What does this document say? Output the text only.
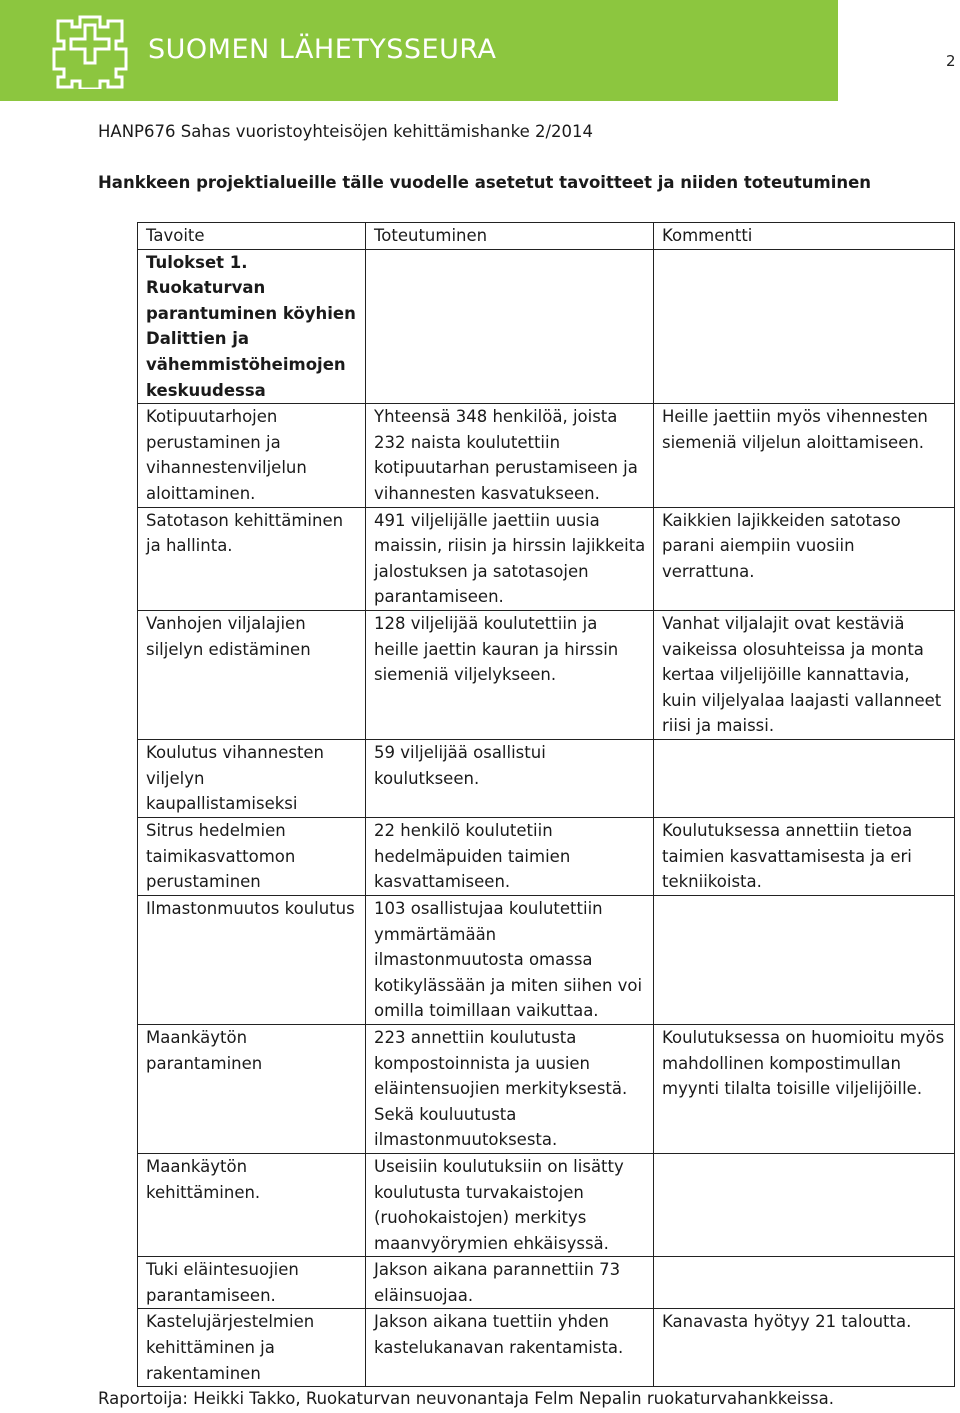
SUOMEN LÄHETYSSEURA	2
HANP676 Sahas vuoristoyhteisöjen kehittämishanke 2/2014
Hankkeen projektialueille tälle vuodelle asetetut tavoitteet ja niiden toteutuminen
Tavoite	Toteutuminen	Kommentti
Tulokset 1. Ruokaturvan parantuminen köyhien Dalittien ja vähemmistöheimojen keskuudessa		
Kotipuutarhojen perustaminen ja vihannestenviljelun aloittaminen.	Yhteensä 348 henkilöä, joista 232 naista koulutettiin kotipuutarhan perustamiseen ja vihannesten kasvatukseen.	Heille jaettiin myös vihennesten siemeniä viljelun aloittamiseen.
Satotason kehittäminen ja hallinta.	491 viljelijälle jaettiin uusia maissin, riisin ja hirssin lajikkeita jalostuksen ja satotasojen parantamiseen.	Kaikkien lajikkeiden satotaso parani aiempiin vuosiin verrattuna.
Vanhojen viljalajien siljelyn edistäminen	128 viljelijää koulutettiin ja heille jaettin kauran ja hirssin siemeniä viljelykseen.	Vanhat viljalajit ovat kestäviä vaikeissa olosuhteissa ja monta kertaa viljelijöille kannattavia, kuin viljelyalaa laajasti vallanneet riisi ja maissi.
Koulutus vihannesten viljelyn kaupallistamiseksi	59 viljelijää osallistui koulutkseen.	
Sitrus hedelmien taimikasvattomon perustaminen	22 henkilö koulutetiin hedelmäpuiden taimien kasvattamiseen.	Koulutuksessa annettiin tietoa taimien kasvattamisesta ja eri tekniikoista.
Ilmastonmuutos koulutus	103 osallistujaa koulutettiin ymmärtämään ilmastonmuutosta omassa kotikylässään ja miten siihen voi omilla toimillaan vaikuttaa.	
Maankäytön parantaminen	223 annettiin koulutusta kompostoinnista ja uusien eläintensuojien merkityksestä. Sekä kouluutusta ilmastonmuutoksesta.	Koulutuksessa on huomioitu myös mahdollinen kompostimullan myynti tilalta toisille viljelijöille.
Maankäytön kehittäminen.	Useisiin koulutuksiin on lisätty koulutusta turvakaistojen (ruohokaistojen) merkitys maanvyörymien ehkäisyssä.	
Tuki eläintesuojien parantamiseen.	Jakson aikana parannettiin 73 eläinsuojaa.	
Kastelujärjestelmien kehittäminen ja rakentaminen	Jakson aikana tuettiin yhden kastelukanavan rakentamista.	Kanavasta hyötyy 21 taloutta.
Raportoija: Heikki Takko, Ruokaturvan neuvonantaja Felm Nepalin ruokaturvahankkeissa.
